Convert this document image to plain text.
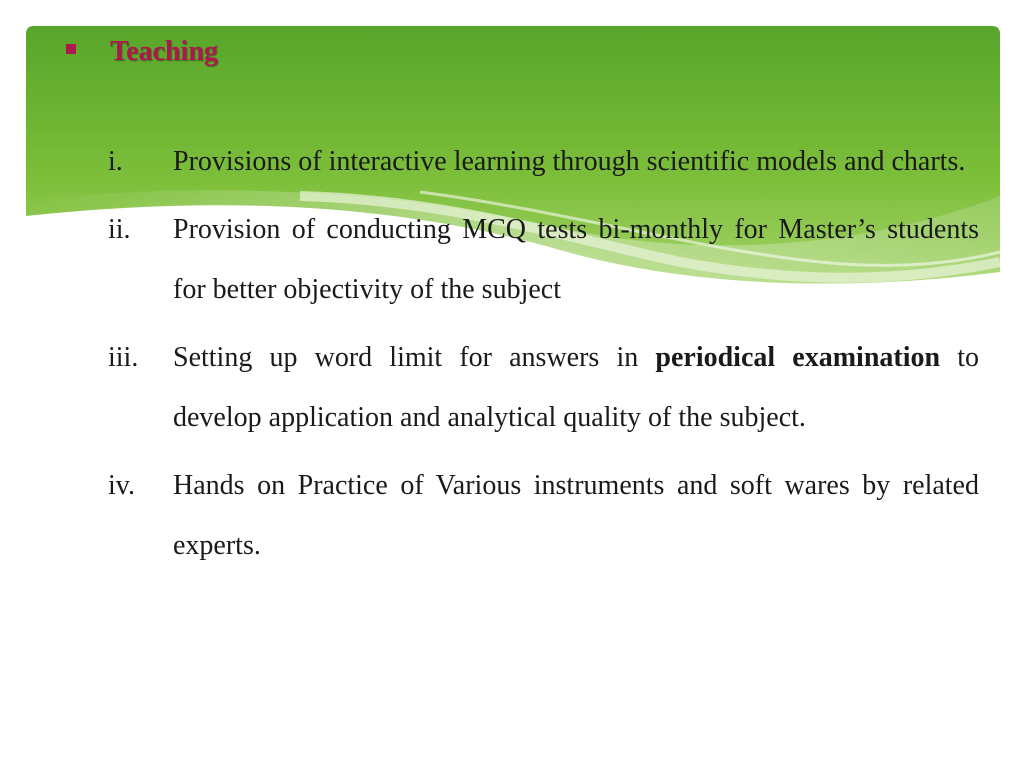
Teaching
i. Provisions of interactive learning through scientific models and charts.
ii. Provision of conducting MCQ tests bi-monthly for Master’s students for better objectivity of the subject
iii. Setting up word limit for answers in periodical examination to develop application and analytical quality of the subject.
iv. Hands on Practice of Various instruments and soft wares by related experts.
